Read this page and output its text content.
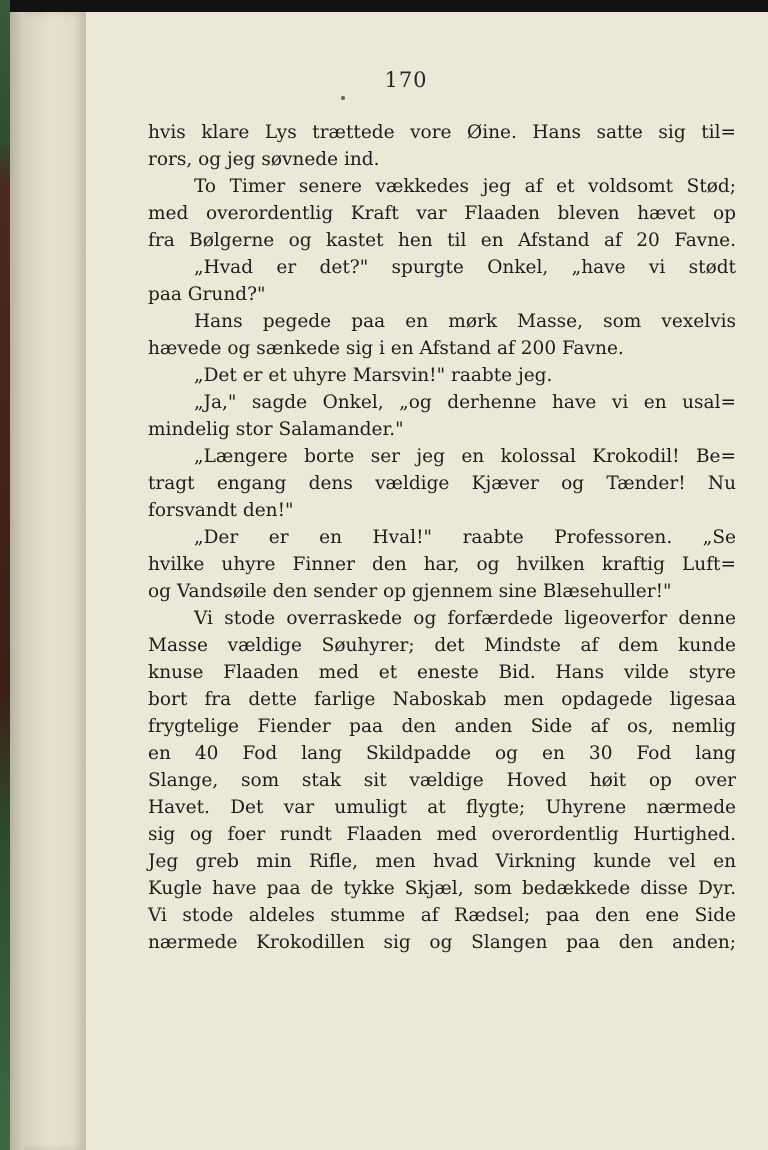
170
hvis klare Lys trættede vore Øine. Hans satte sig til=
rors, og jeg søvnede ind.
To Timer senere vækkedes jeg af et voldsomt Stød;
med overordentlig Kraft var Flaaden bleven hævet op
fra Bølgerne og kastet hen til en Afstand af 20 Favne.
„Hvad er det?" spurgte Onkel, „have vi stødt
paa Grund?"
Hans pegede paa en mørk Masse, som vexelvis
hævede og sænkede sig i en Afstand af 200 Favne.
„Det er et uhyre Marsvin!" raabte jeg.
„Ja," sagde Onkel, „og derhenne have vi en usal=
mindelig stor Salamander."
„Længere borte ser jeg en kolossal Krokodil! Be=
tragt engang dens vældige Kjæver og Tænder! Nu
forsvandt den!"
„Der er en Hval!" raabte Professoren. „Se
hvilke uhyre Finner den har, og hvilken kraftig Luft=
og Vandsøile den sender op gjennem sine Blæsehuller!"
Vi stode overraskede og forfærdede ligeoverfor denne
Masse vældige Søuhyrer; det Mindste af dem kunde
knuse Flaaden med et eneste Bid. Hans vilde styre
bort fra dette farlige Naboskab men opdagede ligesaa
frygtelige Fiender paa den anden Side af os, nemlig
en 40 Fod lang Skildpadde og en 30 Fod lang
Slange, som stak sit vældige Hoved høit op over
Havet. Det var umuligt at flygte; Uhyrene nærmede
sig og foer rundt Flaaden med overordentlig Hurtighed.
Jeg greb min Rifle, men hvad Virkning kunde vel en
Kugle have paa de tykke Skjæl, som bedækkede disse Dyr.
Vi stode aldeles stumme af Rædsel; paa den ene Side
nærmede Krokodillen sig og Slangen paa den anden;
